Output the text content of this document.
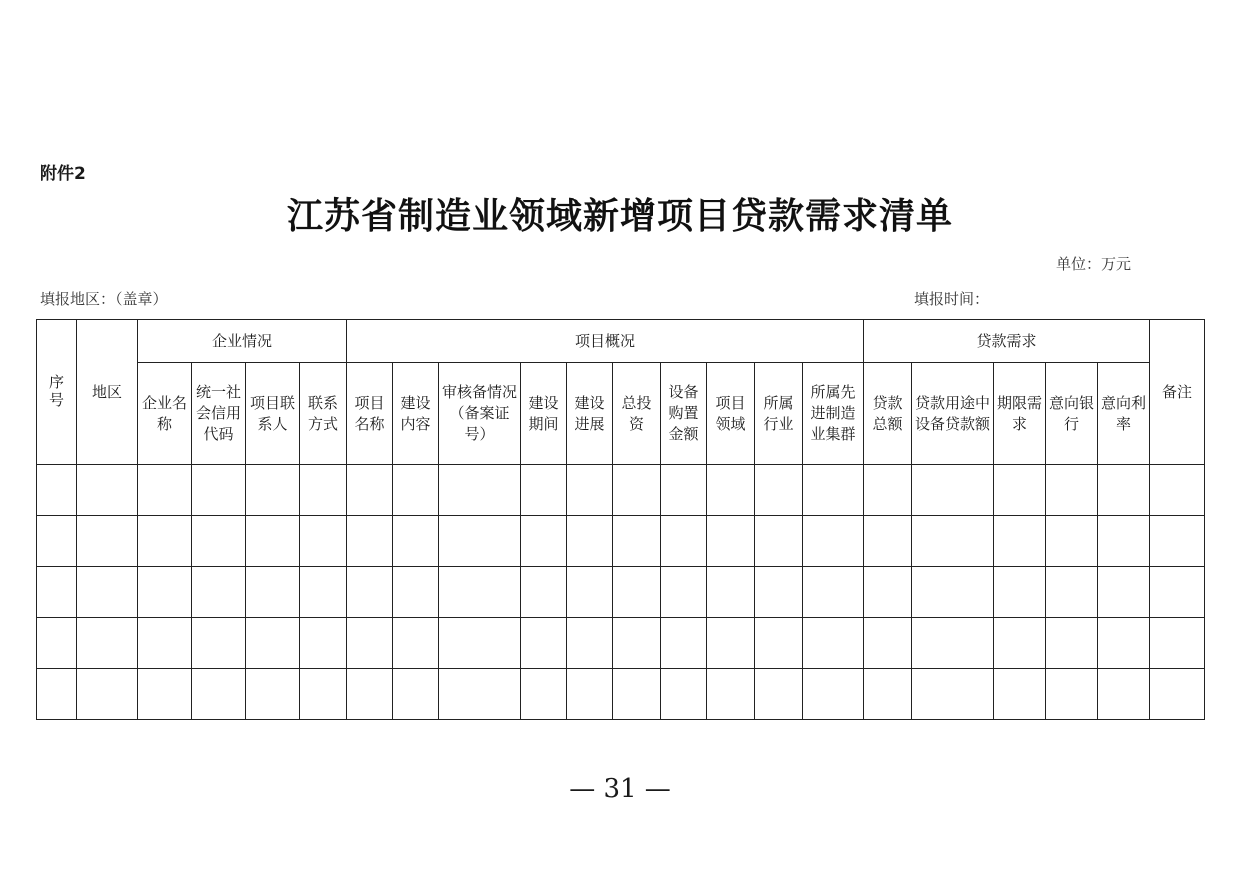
附件2
江苏省制造业领域新增项目贷款需求清单
单位：万元
填报地区：（盖章）	填报时间：
序号	地区	企业情况				项目概况										贷款需求					备注
		企业名称	统一社会信用代码	项目联系人	联系方式	项目名称	建设内容	审核备情况（备案证号）	建设期间	建设进展	总投资	设备购置金额	项目领域	所属行业	所属先进制造业集群	贷款总额	贷款用途中设备贷款额	期限需求	意向银行	意向利率	

— 31 —
